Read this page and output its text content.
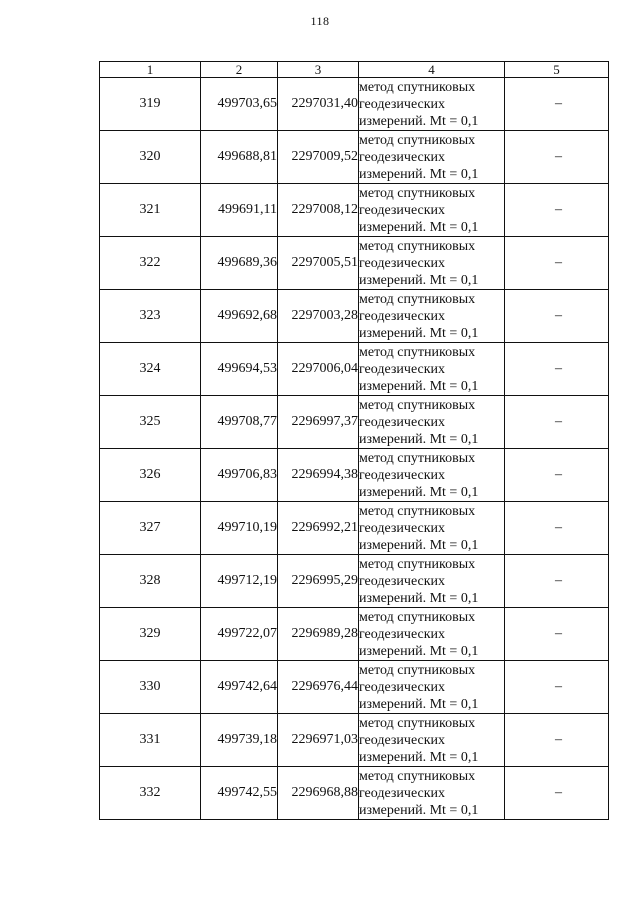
118
1	2	3	4	5
319	499703,65	2297031,40	метод спутниковых
геодезических
измерений. Mt = 0,1	–
320	499688,81	2297009,52	метод спутниковых
геодезических
измерений. Mt = 0,1	–
321	499691,11	2297008,12	метод спутниковых
геодезических
измерений. Mt = 0,1	–
322	499689,36	2297005,51	метод спутниковых
геодезических
измерений. Mt = 0,1	–
323	499692,68	2297003,28	метод спутниковых
геодезических
измерений. Mt = 0,1	–
324	499694,53	2297006,04	метод спутниковых
геодезических
измерений. Mt = 0,1	–
325	499708,77	2296997,37	метод спутниковых
геодезических
измерений. Mt = 0,1	–
326	499706,83	2296994,38	метод спутниковых
геодезических
измерений. Mt = 0,1	–
327	499710,19	2296992,21	метод спутниковых
геодезических
измерений. Mt = 0,1	–
328	499712,19	2296995,29	метод спутниковых
геодезических
измерений. Mt = 0,1	–
329	499722,07	2296989,28	метод спутниковых
геодезических
измерений. Mt = 0,1	–
330	499742,64	2296976,44	метод спутниковых
геодезических
измерений. Mt = 0,1	–
331	499739,18	2296971,03	метод спутниковых
геодезических
измерений. Mt = 0,1	–
332	499742,55	2296968,88	метод спутниковых
геодезических
измерений. Mt = 0,1	–
